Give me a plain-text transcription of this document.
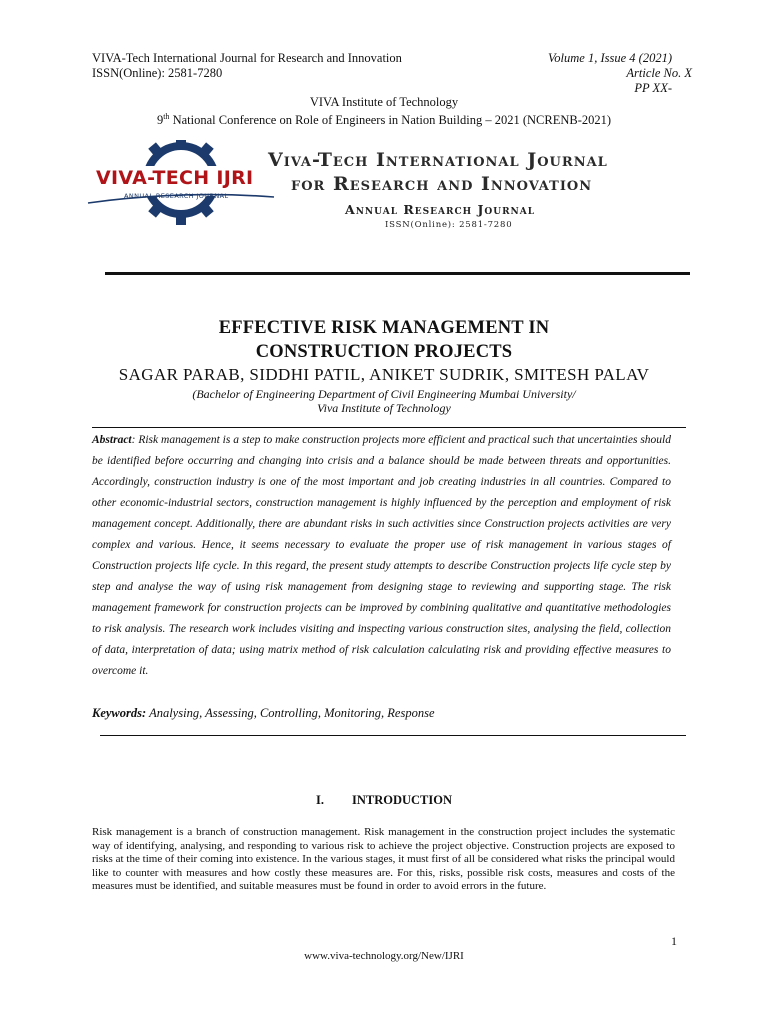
VIVA-Tech International Journal for Research and Innovation
ISSN(Online): 2581-7280
Volume 1, Issue 4 (2021)
Article No. X
PP XX-
VIVA Institute of Technology
9th National Conference on Role of Engineers in Nation Building – 2021 (NCRENB-2021)
VIVA-TECH IJRI
ANNUAL RESEARCH JOURNAL
Viva-Tech International Journal
for Research and Innovation
Annual Research Journal
ISSN(Online): 2581-7280
EFFECTIVE RISK MANAGEMENT IN
CONSTRUCTION PROJECTS
SAGAR PARAB, SIDDHI PATIL, ANIKET SUDRIK, SMITESH PALAV
(Bachelor of Engineering Department of Civil Engineering Mumbai University/
Viva Institute of Technology
Abstract: Risk management is a step to make construction projects more efficient and practical such that uncertainties should be identified before occurring and changing into crisis and a balance should be made between threats and opportunities. Accordingly, construction industry is one of the most important and job creating industries in all countries. Compared to other economic-industrial sectors, construction management is highly influenced by the perception and employment of risk management concept. Additionally, there are abundant risks in such activities since Construction projects activities are very complex and various. Hence, it seems necessary to evaluate the proper use of risk management in various stages of Construction projects life cycle. In this regard, the present study attempts to describe Construction projects life cycle step by step and analyse the way of using risk management from designing stage to reviewing and supporting stage. The risk management framework for construction projects can be improved by combining qualitative and quantitative methodologies to risk analysis. The research work includes visiting and inspecting various construction sites, analysing the field, collection of data, interpretation of data; using matrix method of risk calculation calculating risk and providing effective measures to overcome it.
Keywords: Analysing, Assessing, Controlling, Monitoring, Response
I. INTRODUCTION
Risk management is a branch of construction management. Risk management in the construction project includes the systematic way of identifying, analysing, and responding to various risk to achieve the project objective. Construction projects are exposed to risks at the time of their coming into existence. In the various stages, it must first of all be considered what risks the principal would like to counter with measures and how costly these measures are. For this, risks, possible risk costs, measures and costs of the measures must be identified, and suitable measures must be found in order to avoid errors in the future.
1
www.viva-technology.org/New/IJRI
